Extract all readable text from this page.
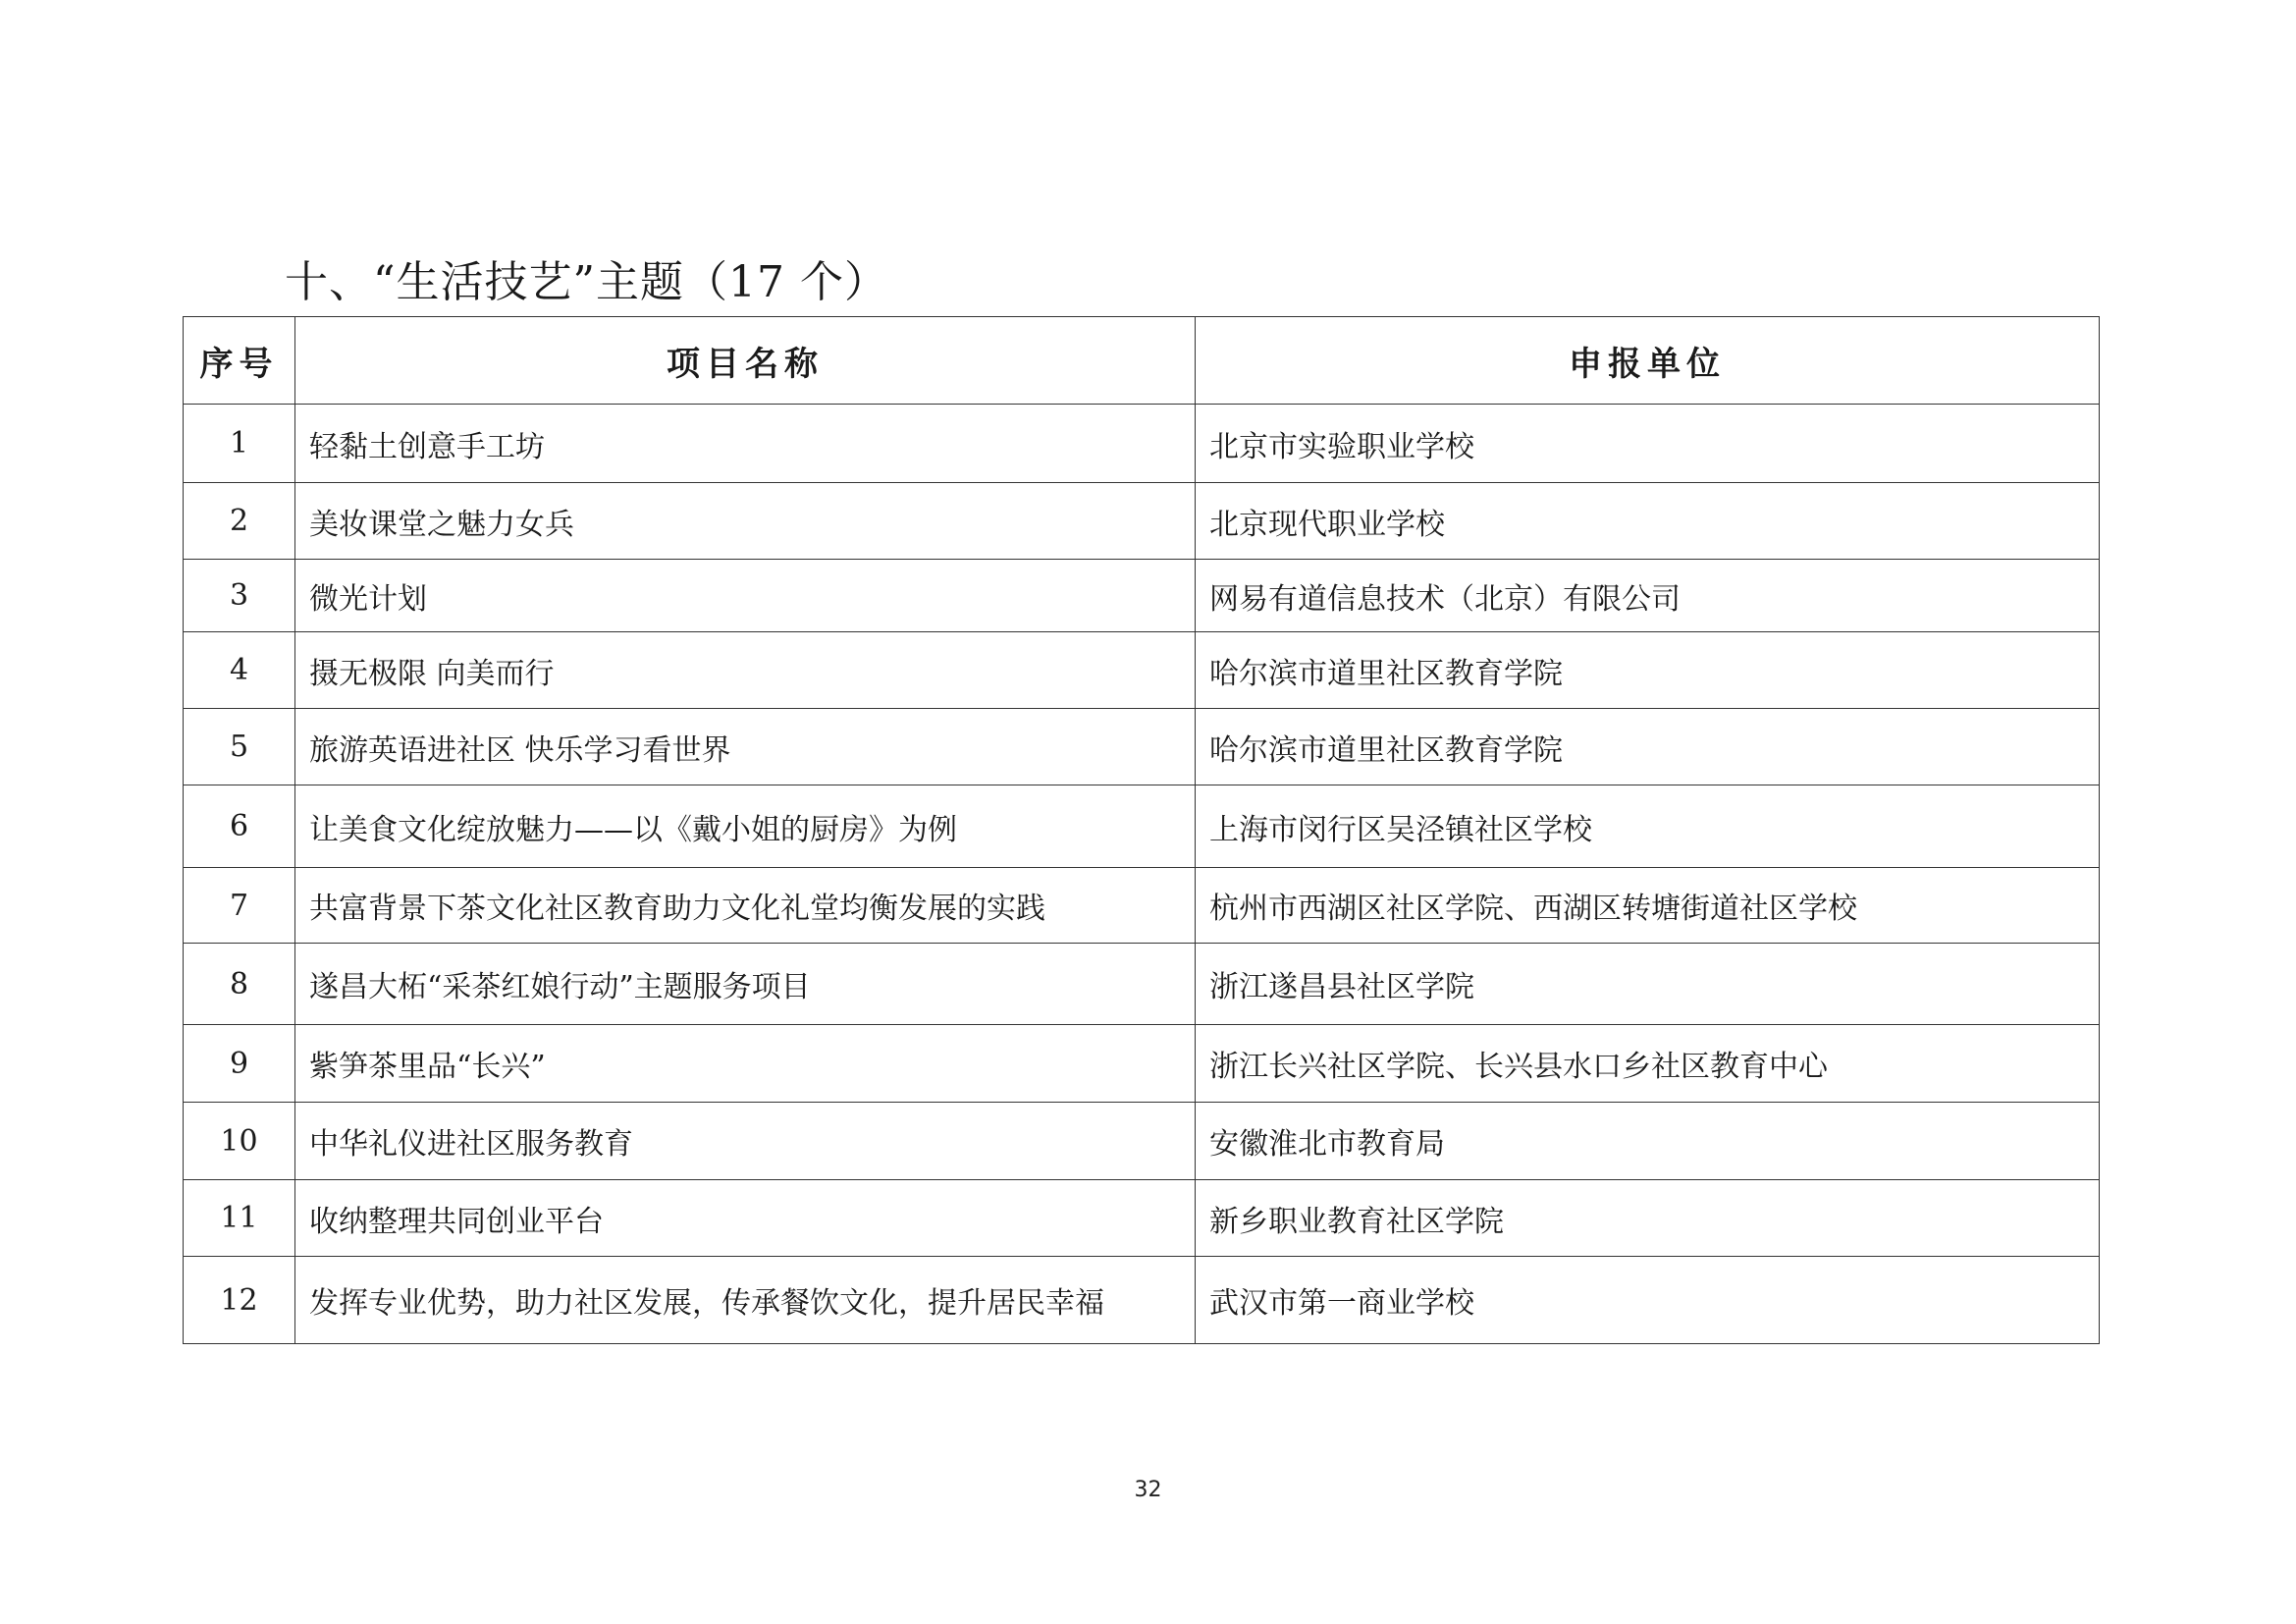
十、“生活技艺”主题（17 个）
序号	项目名称	申报单位
1	轻黏土创意手工坊	北京市实验职业学校
2	美妆课堂之魅力女兵	北京现代职业学校
3	微光计划	网易有道信息技术（北京）有限公司
4	摄无极限 向美而行	哈尔滨市道里社区教育学院
5	旅游英语进社区 快乐学习看世界	哈尔滨市道里社区教育学院
6	让美食文化绽放魅力——以《戴小姐的厨房》为例	上海市闵行区吴泾镇社区学校
7	共富背景下茶文化社区教育助力文化礼堂均衡发展的实践	杭州市西湖区社区学院、西湖区转塘街道社区学校
8	遂昌大柘“采茶红娘行动”主题服务项目	浙江遂昌县社区学院
9	紫笋茶里品“长兴”	浙江长兴社区学院、长兴县水口乡社区教育中心
10	中华礼仪进社区服务教育	安徽淮北市教育局
11	收纳整理共同创业平台	新乡职业教育社区学院
12	发挥专业优势，助力社区发展，传承餐饮文化，提升居民幸福	武汉市第一商业学校
32
